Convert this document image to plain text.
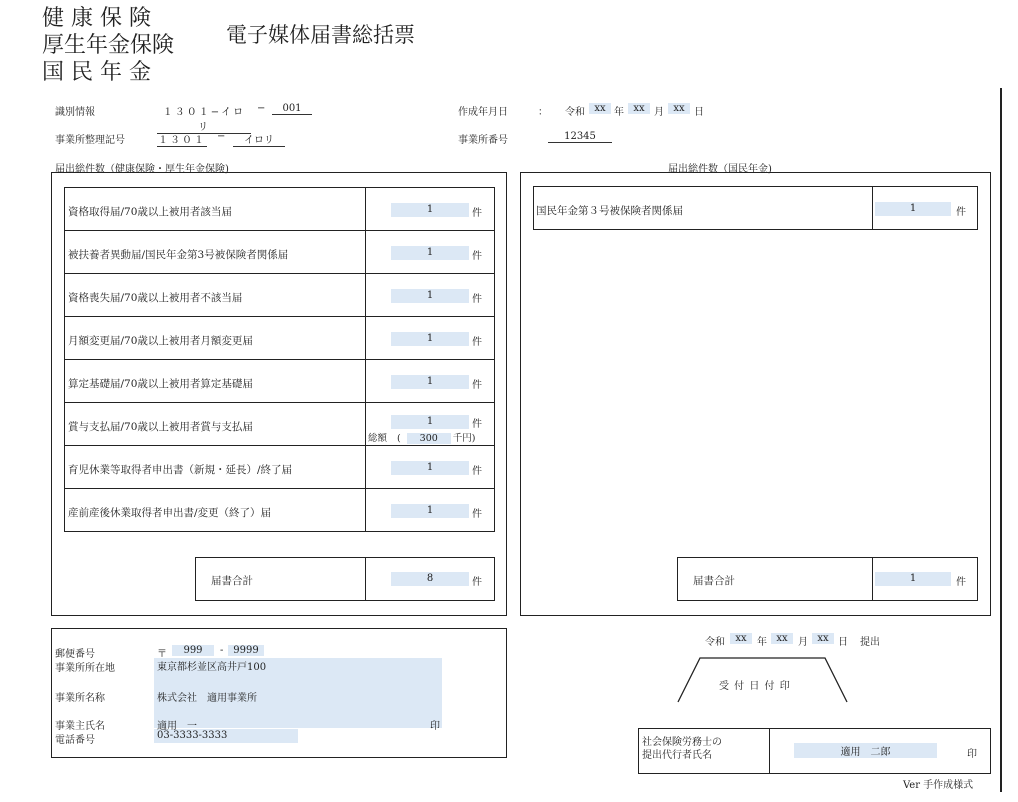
健 康 保 険
厚生年金保険
国 民 年 金
電子媒体届書総括票
識別情報	１３０１−イロリ
−	001	作成年月日	： 令和 xx 年 xx 月 xx 日
事業所整理記号	１３０１ −	イロリ	事業所番号	12345
届出総件数（健康保険・厚生年金保険)
資格取得届/70歳以上被用者該当届	1	件
被扶養者異動届/国民年金第3号被保険者関係届	1	件
資格喪失届/70歳以上被用者不該当届	1	件
月額変更届/70歳以上被用者月額変更届	1	件
算定基礎届/70歳以上被用者算定基礎届	1	件
賞与支払届/70歳以上被用者賞与支払届	1	件
総額 ( 300 千円)
育児休業等取得者申出書（新規・延長）/終了届	1	件
産前産後休業取得者申出書/変更（終了）届	1	件
届書合計	8	件
届出総件数（国民年金)
国民年金第３号被保険者関係届	1	件
届書合計	1	件
郵便番号	〒	999	- 9999
事業所所在地	東京都杉並区高井戸100
事業所名称	株式会社　適用事業所
事業主氏名	適用　一	印
電話番号	03-3333-3333
令和	xx	年 xx	月 xx 日 提出
受 付 日 付 印
社会保険労務士の
提出代行者氏名	適用　二郎	印
Ver 手作成様式
